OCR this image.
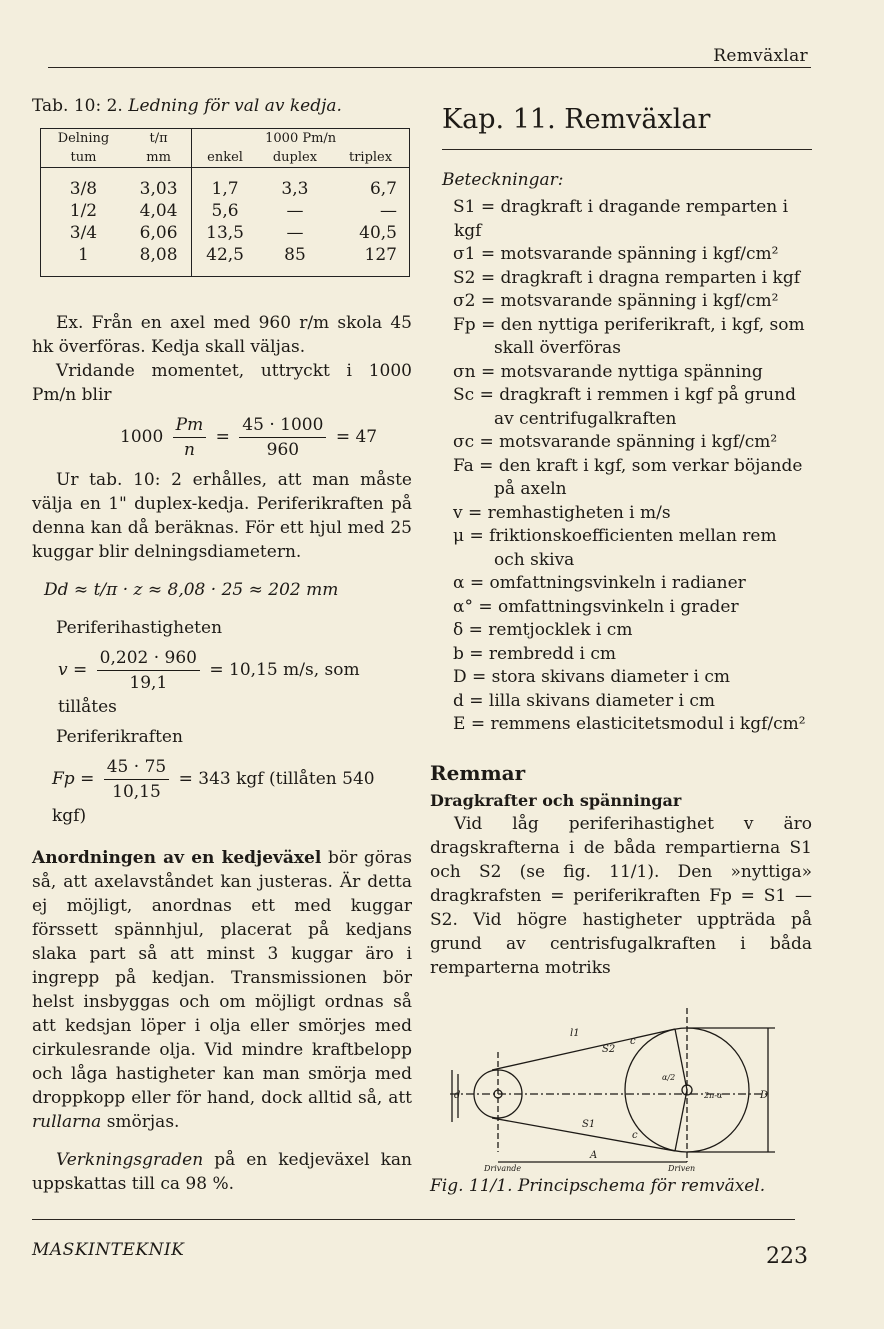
Remväxlar
Tab. 10: 2. Ledning för val av kedja.
Delning	t/π	1000 Pm/n		
tum	mm	enkel	duplex	triplex

3/8	3,03	1,7	3,3	6,7
1/2	4,04	5,6	—	—
3/4	6,06	13,5	—	40,5
1	8,08	42,5	85	127

Ex. Från en axel med 960 r/m skola 45 hk överföras. Kedja skall väljas.

Vridande momentet, uttryckt i 1000 Pm/n blir

$1000 \frac{Pm}{n} = \frac{45 \cdot 1000}{960} = 47$

Ur tab. 10: 2 erhålles, att man måste välja en 1" duplex-kedja. Periferikraften på denna kan då beräknas. För ett hjul med 25 kuggar blir delningsdiametern.

Dd ≈ t/π · z ≈ 8,08 · 25 ≈ 202 mm

Periferihastigheten

$v = \frac{0,202 \cdot 960}{19,1} = 10,15$ m/s, som tillåtes

Periferikraften

$Fp = \frac{45 \cdot 75}{10,15} = 343$ kgf (tillåten 540 kgf)

Anordningen av en kedjeväxel bör göras så, att axelavståndet kan justeras. Är detta ej möjligt, anordnas ett med kuggar förssett spännhjul, placerat på kedjans slaka part så att minst 3 kuggar äro i ingrepp på kedjan. Transmissionen bör helst insbyggas och om möjligt ordnas så att kedsjan löper i olja eller smörjes med cirkulesrande olja. Vid mindre kraftbelopp och låga hastigheter kan man smörja med droppkopp eller för hand, dock alltid så, att rullarna smörjas.

Verkningsgraden på en kedjeväxel kan uppskattas till ca 98 %.

Kap. 11. Remväxlar
Beteckningar:
S1 = dragkraft i dragande remparten i kgf
σ1 = motsvarande spänning i kgf/cm²
S2 = dragkraft i dragna remparten i kgf
σ2 = motsvarande spänning i kgf/cm²
Fp = den nyttiga periferikraft, i kgf, som
skall överföras
σn = motsvarande nyttiga spänning
Sc = dragkraft i remmen i kgf på grund
av centrifugalkraften
σc = motsvarande spänning i kgf/cm²
Fa = den kraft i kgf, som verkar böjande
på axeln
v = remhastigheten i m/s
μ = friktionskoefficienten mellan rem
och skiva
α = omfattningsvinkeln i radianer
α° = omfattningsvinkeln i grader
δ = remtjocklek i cm
b = rembredd i cm
D = stora skivans diameter i cm
d = lilla skivans diameter i cm
E = remmens elasticitetsmodul i kgf/cm²
Remmar
Dragkrafter och spänningar

Vid låg periferihastighet v äro dragskrafterna i de båda rempartierna S1 och S2 (se fig. 11/1). Den »nyttiga» dragkrafsten = periferikraften Fp = S1 — S2. Vid högre hastigheter uppträda på grund av centrisfugalkraften i båda remparterna motriks

l1
S2
c
S1
c
d	D
A
α/2
2π-α
Drivande	Driven
Fig. 11/1. Principschema för remväxel.
MASKINTEKNIK	223
